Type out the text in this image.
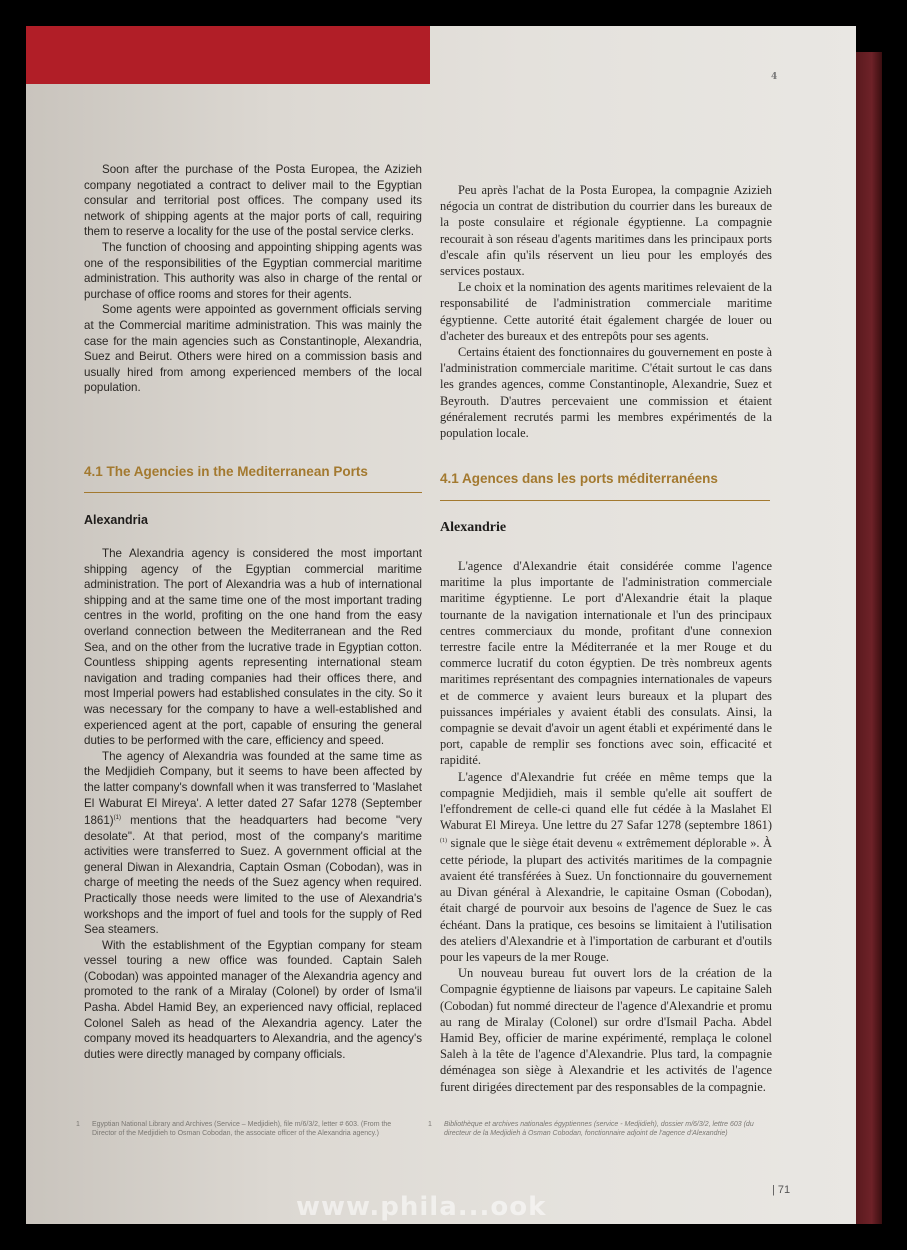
4

Soon after the purchase of the Posta Europea, the Azizieh company negotiated a contract to deliver mail to the Egyptian consular and territorial post offices. The company used its network of shipping agents at the major ports of call, requiring them to reserve a locality for the use of the postal service clerks.

The function of choosing and appointing shipping agents was one of the responsibilities of the Egyptian commercial maritime administration. This authority was also in charge of the rental or purchase of office rooms and stores for their agents.

Some agents were appointed as government officials serving at the Commercial maritime administration. This was mainly the case for the main agencies such as Constantinople, Alexandria, Suez and Beirut. Others were hired on a commission basis and usually hired from among experienced members of the local population.

Peu après l'achat de la Posta Europea, la compagnie Azizieh négocia un contrat de distribution du courrier dans les bureaux de la poste consulaire et régionale égyptienne. La compagnie recourait à son réseau d'agents maritimes dans les principaux ports d'escale afin qu'ils réservent un lieu pour les employés des services postaux.

Le choix et la nomination des agents maritimes relevaient de la responsabilité de l'administration commerciale maritime égyptienne. Cette autorité était également chargée de louer ou d'acheter des bureaux et des entrepôts pour ses agents.

Certains étaient des fonctionnaires du gouvernement en poste à l'administration commerciale maritime. C'était surtout le cas dans les grandes agences, comme Constantinople, Alexandrie, Suez et Beyrouth. D'autres percevaient une commission et étaient généralement recrutés parmi les membres expérimentés de la population locale.

4.1 The Agencies in the Mediterranean Ports	4.1 Agences dans les ports méditerranéens
Alexandria	Alexandrie

The Alexandria agency is considered the most important shipping agency of the Egyptian commercial maritime administration. The port of Alexandria was a hub of international shipping and at the same time one of the most important trading centres in the world, profiting on the one hand from the easy overland connection between the Mediterranean and the Red Sea, and on the other from the lucrative trade in Egyptian cotton. Countless shipping agents representing international steam navigation and trading companies had their offices there, and most Imperial powers had established consulates in the city. So it was necessary for the company to have a well-established and experienced agent at the port, capable of ensuring the general duties to be performed with the care, efficiency and speed.

The agency of Alexandria was founded at the same time as the Medjidieh Company, but it seems to have been affected by the latter company's downfall when it was transferred to 'Maslahet El Waburat El Mireya'. A letter dated 27 Safar 1278 (September 1861)$^{(1)}$ mentions that the headquarters had become "very desolate". At that period, most of the company's maritime activities were transferred to Suez. A government official at the general Diwan in Alexandria, Captain Osman (Cobodan), was in charge of meeting the needs of the Suez agency when required. Practically those needs were limited to the use of Alexandria's workshops and the import of fuel and tools for the supply of Red Sea steamers.

With the establishment of the Egyptian company for steam vessel touring a new office was founded. Captain Saleh (Cobodan) was appointed manager of the Alexandria agency and promoted to the rank of a Miralay (Colonel) by order of Isma'il Pasha. Abdel Hamid Bey, an experienced navy official, replaced Colonel Saleh as head of the Alexandria agency. Later the company moved its headquarters to Alexandria, and the agency's duties were directly managed by company officials.

L'agence d'Alexandrie était considérée comme l'agence maritime la plus importante de l'administration commerciale maritime égyptienne. Le port d'Alexandrie était la plaque tournante de la navigation internationale et l'un des principaux centres commerciaux du monde, profitant d'une connexion terrestre facile entre la Méditerranée et la mer Rouge et du commerce lucratif du coton égyptien. De très nombreux agents maritimes représentant des compagnies internationales de vapeurs et de commerce y avaient leurs bureaux et la plupart des puissances impériales y avaient établi des consulats. Ainsi, la compagnie se devait d'avoir un agent établi et expérimenté dans le port, capable de remplir ses fonctions avec soin, efficacité et rapidité.

L'agence d'Alexandrie fut créée en même temps que la compagnie Medjidieh, mais il semble qu'elle ait souffert de l'effondrement de celle-ci quand elle fut cédée à la Maslahet El Waburat El Mireya. Une lettre du 27 Safar 1278 (septembre 1861)$^{(1)}$ signale que le siège était devenu « extrêmement déplorable ». À cette période, la plupart des activités maritimes de la compagnie avaient été transférées à Suez. Un fonctionnaire du gouvernement au Divan général à Alexandrie, le capitaine Osman (Cobodan), était chargé de pourvoir aux besoins de l'agence de Suez le cas échéant. Dans la pratique, ces besoins se limitaient à l'utilisation des ateliers d'Alexandrie et à l'importation de carburant et d'outils pour les vapeurs de la mer Rouge.

Un nouveau bureau fut ouvert lors de la création de la Compagnie égyptienne de liaisons par vapeurs. Le capitaine Saleh (Cobodan) fut nommé directeur de l'agence d'Alexandrie et promu au rang de Miralay (Colonel) sur ordre d'Ismail Pacha. Abdel Hamid Bey, officier de marine expérimenté, remplaça le colonel Saleh à la tête de l'agence d'Alexandrie. Plus tard, la compagnie déménagea son siège à Alexandrie et les activités de l'agence furent dirigées directement par des responsables de la compagnie.

1 Egyptian National Library and Archives (Service – Medjidieh), file m/6/3/2, letter # 603. (From the Director of the Medjidieh to Osman Cobodan, the associate officer of the Alexandria agency.)
1 Bibliothèque et archives nationales égyptiennes (service - Medjidieh), dossier m/6/3/2, lettre 603 (du directeur de la Medjidieh à Osman Cobodan, fonctionnaire adjoint de l'agence d'Alexandrie)
| 71
www.phila...ook
